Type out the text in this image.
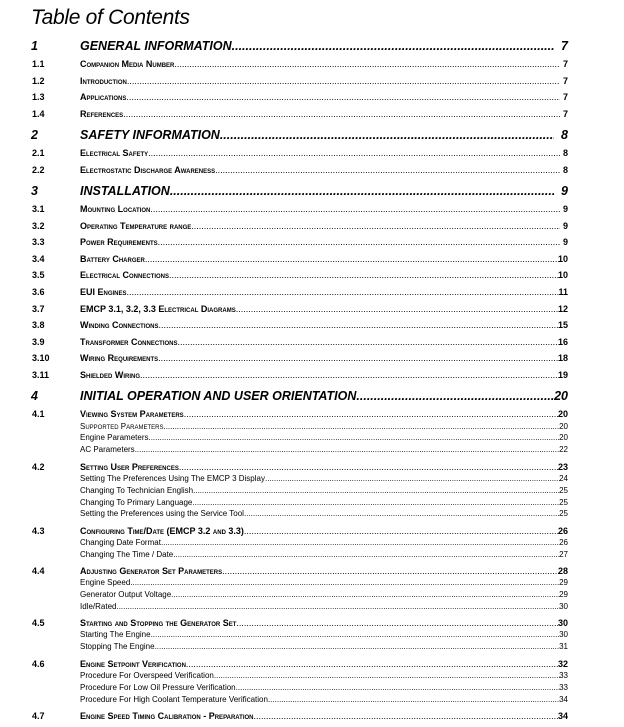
Table of Contents
1	GENERAL INFORMATION .....	7
1.1	Companion Media Number .....	7
1.2	Introduction .....	7
1.3	Applications .....	7
1.4	References .....	7
2	SAFETY INFORMATION .....	8
2.1	Electrical Safety .....	8
2.2	Electrostatic Discharge Awareness .....	8
3	INSTALLATION .....	9
3.1	Mounting Location .....	9
3.2	Operating Temperature range .....	9
3.3	Power Requirements .....	9
3.4	Battery Charger .....	10
3.5	Electrical Connections .....	10
3.6	EUI Engines .....	11
3.7	EMCP 3.1, 3.2, 3.3 Electrical Diagrams .....	12
3.8	Winding Connections .....	15
3.9	Transformer Connections .....	16
3.10	Wiring Requirements .....	18
3.11	Shielded Wiring .....	19
4	INITIAL OPERATION AND USER ORIENTATION .....	20
4.1	Viewing System Parameters .....	20
Supported Parameters .....	20
Engine Parameters .....	20
AC Parameters .....	22
4.2	Setting User Preferences .....	23
Setting The Preferences Using The EMCP 3 Display .....	24
Changing To Technician English .....	25
Changing To Primary Language .....	25
Setting the Preferences using the Service Tool .....	25
4.3	Configuring Time/Date (EMCP 3.2 and 3.3) .....	26
Changing Date Format .....	26
Changing The Time / Date .....	27
4.4	Adjusting Generator Set Parameters .....	28
Engine Speed .....	29
Generator Output Voltage .....	29
Idle/Rated .....	30
4.5	Starting and Stopping the Generator Set .....	30
Starting The Engine .....	30
Stopping The Engine .....	31
4.6	Engine Setpoint Verification .....	32
Procedure For Overspeed Verification .....	33
Procedure For Low Oil Pressure Verification .....	33
Procedure For High Coolant Temperature Verification .....	34
4.7	Engine Speed Timing Calibration - Preparation .....	34
